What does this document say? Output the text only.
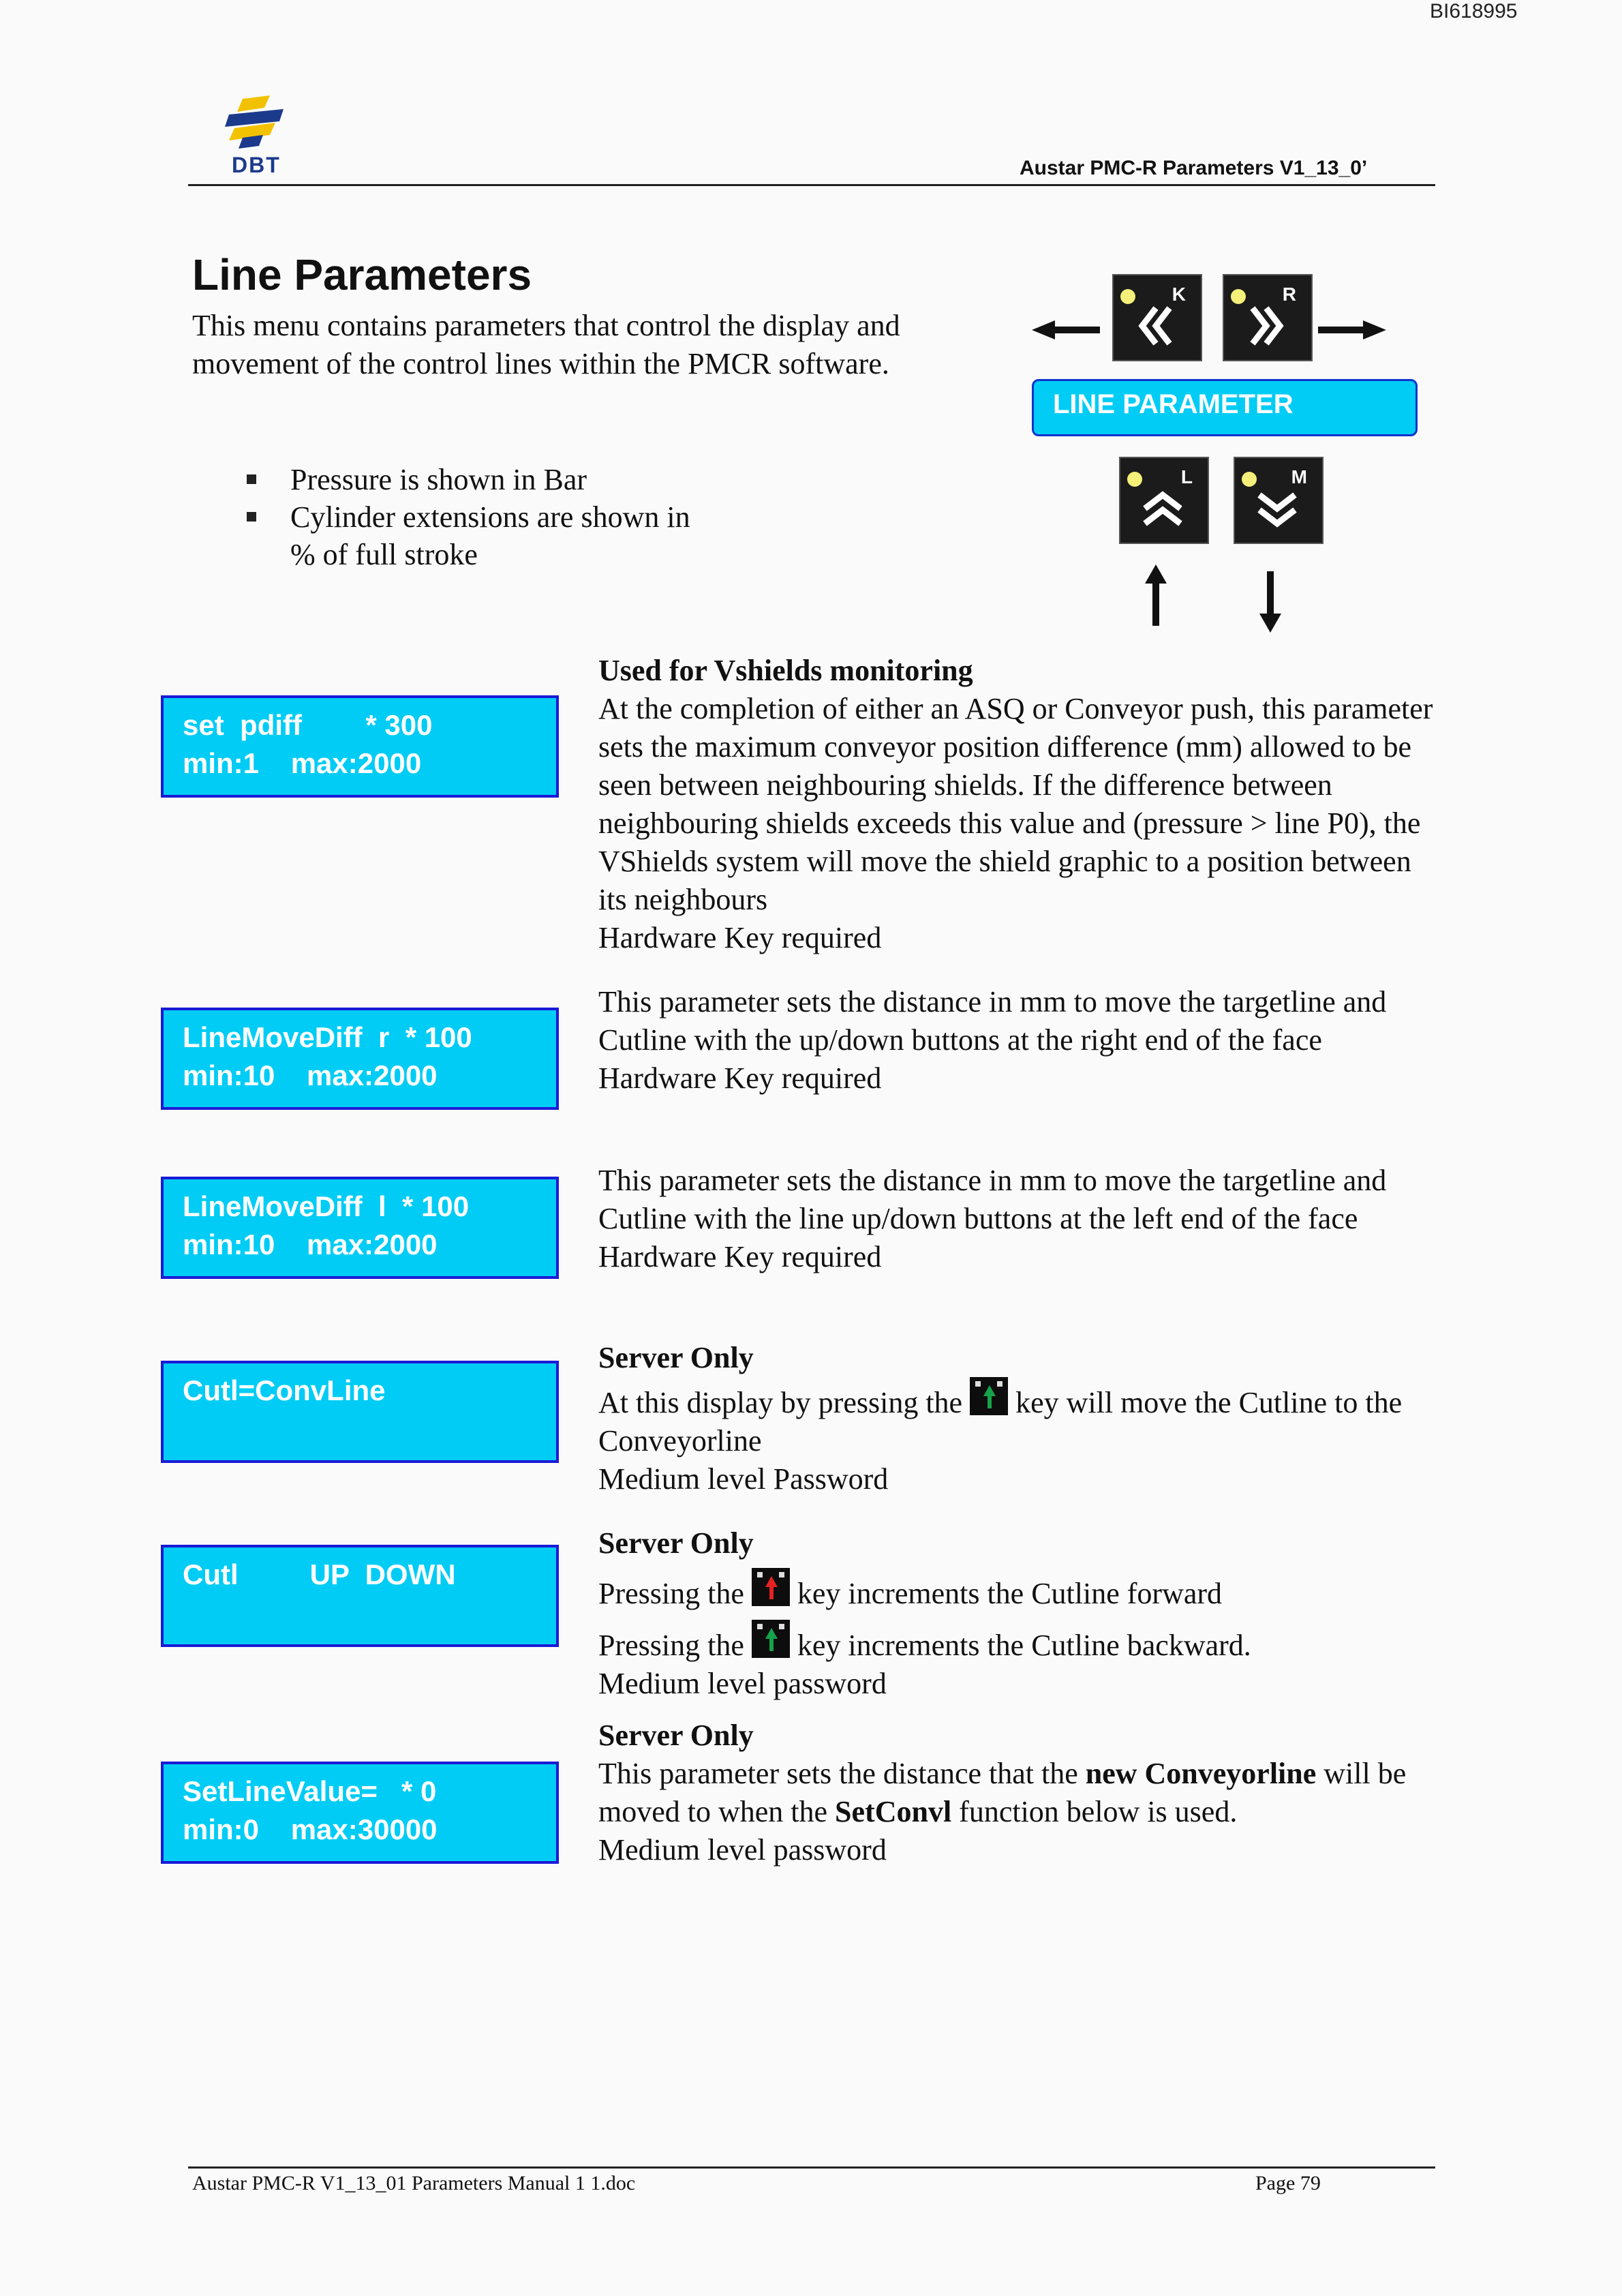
BI618995
DBT	Austar PMC-R Parameters V1_13_0’
Line Parameters
This menu contains parameters that control the display and movement of the control lines within the PMCR software.
Pressure is shown in Bar
Cylinder extensions are shown in
% of full stroke
K	R
LINE PARAMETER
L	M
set  pdiff        * 300
min:1    max:2000
Used for Vshields monitoring
At the completion of either an ASQ or Conveyor push, this parameter sets the maximum conveyor position difference (mm) allowed to be seen between neighbouring shields. If the difference between neighbouring shields exceeds this value and (pressure > line P0), the VShields system will move the shield graphic to a position between its neighbours
Hardware Key required
LineMoveDiff  r  * 100
min:10    max:2000
This parameter sets the distance in mm to move the targetline and Cutline with the up/down buttons at the right end of the face
Hardware Key required
LineMoveDiff  l  * 100
min:10    max:2000
This parameter sets the distance in mm to move the targetline and Cutline with the line up/down buttons at the left end of the face
Hardware Key required
Cutl=ConvLine
Server Only
At this display by pressing the key will move the Cutline to the Conveyorline
Medium level Password
Cutl         UP  DOWN
Server Only
Pressing the key increments the Cutline forward
Pressing the key increments the Cutline backward.
Medium level password
SetLineValue=   * 0
min:0    max:30000
Server Only
This parameter sets the distance that the new Conveyorline will be moved to when the SetConvl function below is used.
Medium level password
Austar PMC-R V1_13_01 Parameters Manual 1 1.doc	Page 79
